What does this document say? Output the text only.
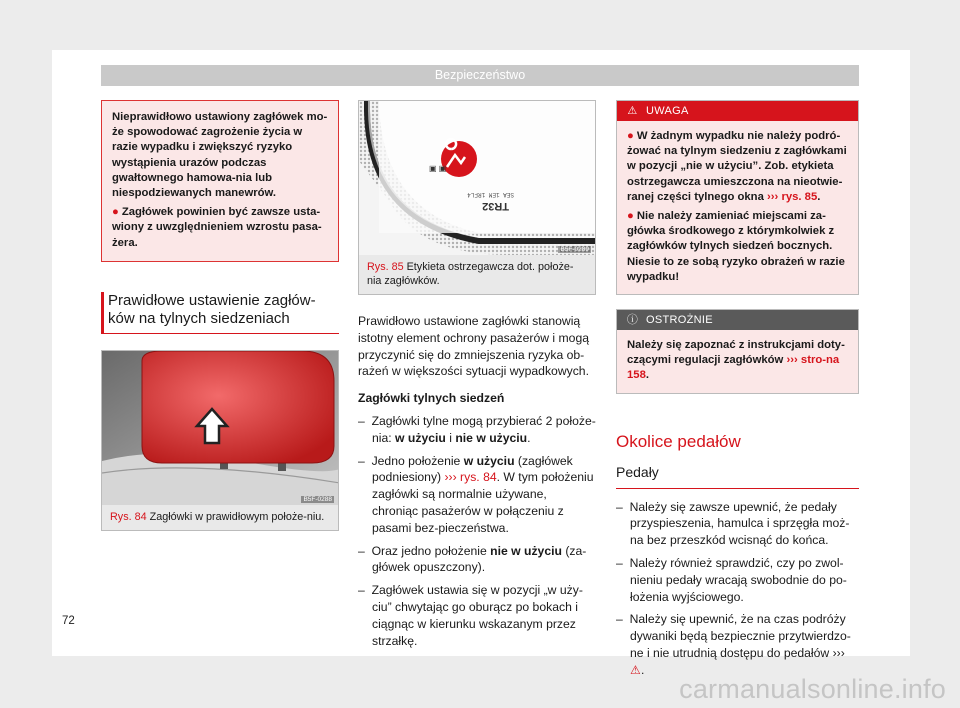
Bezpieczeństwo

Nieprawidłowo ustawiony zagłówek mo-że spowodować zagrożenie życia w razie wypadku i zwiększyć ryzyko wystąpienia urazów podczas gwałtownego hamowa-nia lub niespodziewanych manewrów.

● Zagłówek powinien być zawsze usta-wiony z uwzględnieniem wzrostu pasa-żera.

Prawidłowe ustawienie zagłów-ków na tylnych siedzeniach
B5F-0288
Rys. 84 Zagłówki w prawidłowym położe-niu.
▣ ▣
TR32
SEA 1EM 1RFL4
B5F-0289
Rys. 85 Etykieta ostrzegawcza dot. położe-nia zagłówków.

Prawidłowo ustawione zagłówki stanowią istotny element ochrony pasażerów i mogą przyczynić się do zmniejszenia ryzyka ob-rażeń w większości sytuacji wypadkowych.

Zagłówki tylnych siedzeń
–  Zagłówki tylne mogą przybierać 2 położe-nia: w użyciu i nie w użyciu.
–  Jedno położenie w użyciu (zagłówek podniesiony) ››› rys. 84. W tym położeniu zagłówki są normalnie używane, chroniąc pasażerów w połączeniu z pasami bez-pieczeństwa.
–  Oraz jedno położenie nie w użyciu (za-główek opuszczony).
–  Zagłówek ustawia się w pozycji „w uży-ciu” chwytając go oburącz po bokach i ciągnąc w kierunku wskazanym przez strzałkę.
⚠ UWAGA

● W żadnym wypadku nie należy podró-żować na tylnym siedzeniu z zagłówkami w pozycji „nie w użyciu”. Zob. etykieta ostrzegawcza umieszczona na nieotwie-ranej części tylnego okna ››› rys. 85.

● Nie należy zamieniać miejscami za-główka środkowego z którymkolwiek z zagłówków tylnych siedzeń bocznych. Niesie to ze sobą ryzyko obrażeń w razie wypadku!

ⓘ OSTROŻNIE

Należy się zapoznać z instrukcjami doty-czącymi regulacji zagłówków ››› stro-na 158.

Okolice pedałów
Pedały
–  Należy się zawsze upewnić, że pedały przyspieszenia, hamulca i sprzęgła moż-na bez przeszkód wcisnąć do końca.
–  Należy również sprawdzić, czy po zwol-nieniu pedały wracają swobodnie do po-łożenia wyjściowego.
–  Należy się upewnić, że na czas podróży dywaniki będą bezpiecznie przytwierdzo-ne i nie utrudnią dostępu do pedałów ››› ⚠.
72
carmanualsonline.info
